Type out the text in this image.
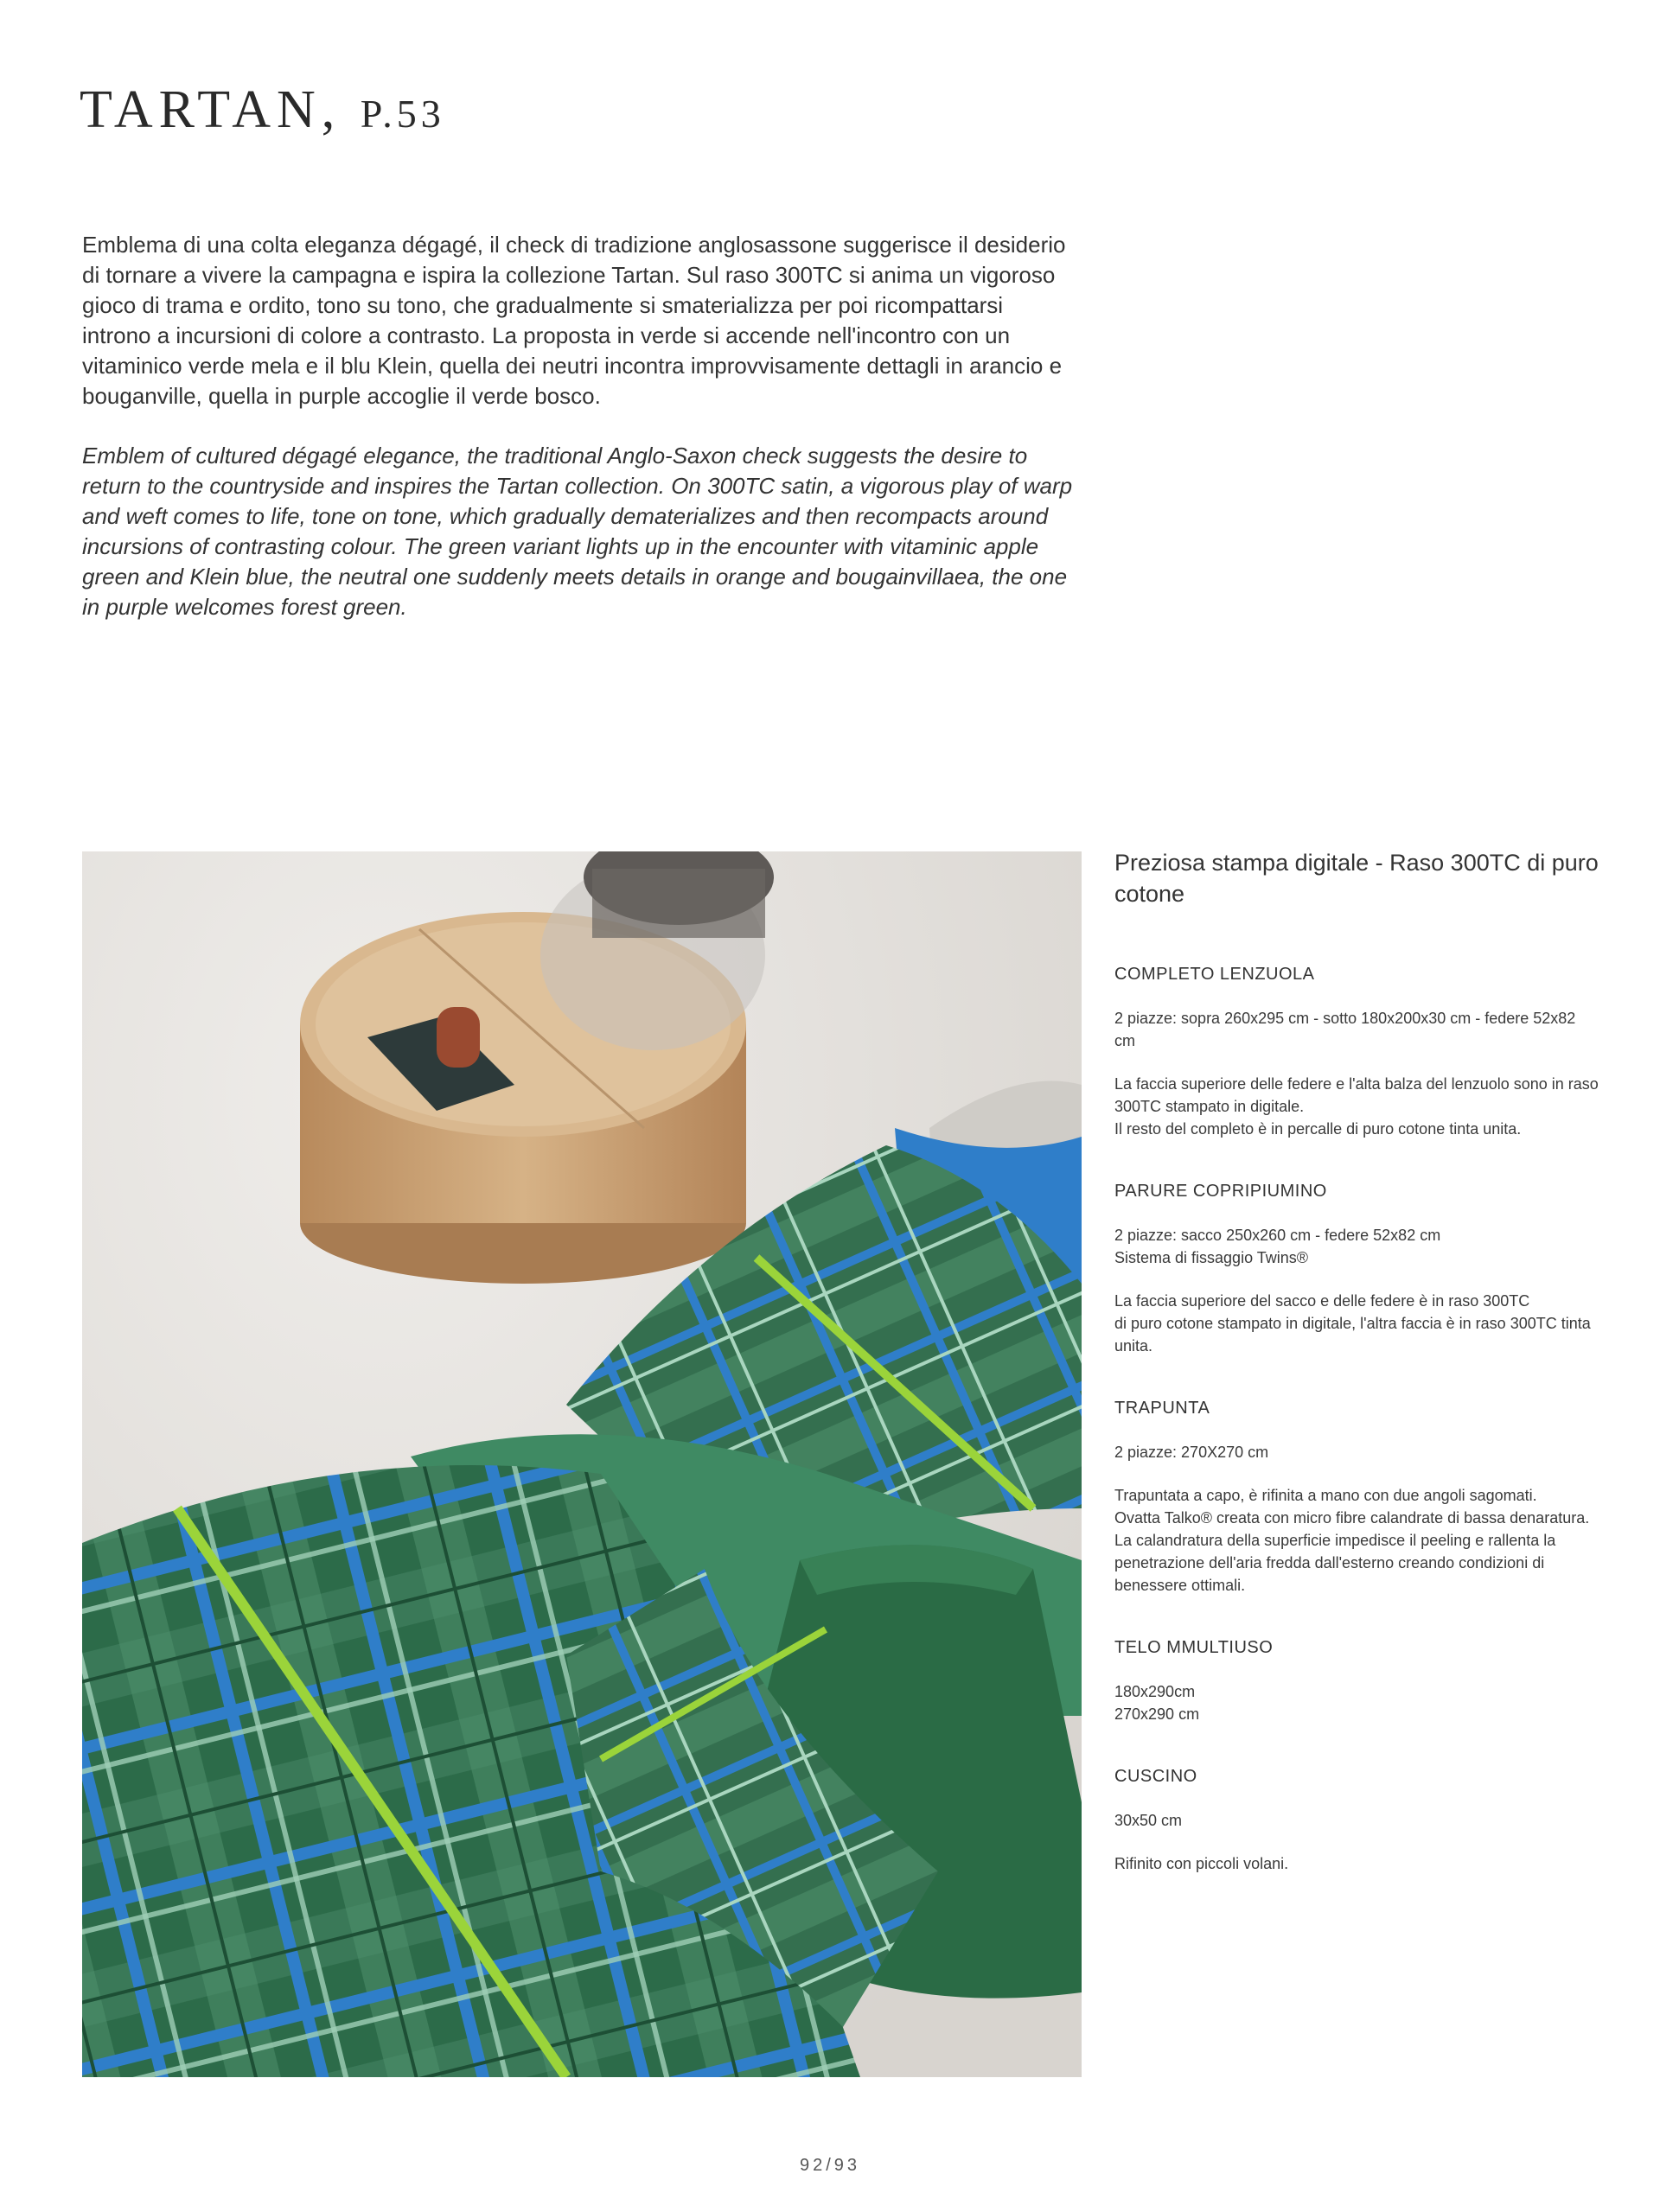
TARTAN, P.53

Emblema di una colta eleganza dégagé, il check di tradizione anglosassone suggerisce il desiderio di tornare a vivere la campagna e ispira la collezione Tartan. Sul raso 300TC si anima un vigoroso gioco di trama e ordito, tono su tono, che gradualmente si smaterializza per poi ricompattarsi introno a incursioni di colore a contrasto. La proposta in verde si accende nell'incontro con un vitaminico verde mela e il blu Klein, quella dei neutri incontra improvvisamente dettagli in arancio e bouganville, quella in purple accoglie il verde bosco.

Emblem of cultured dégagé elegance, the traditional Anglo-Saxon check suggests the desire to return to the countryside and inspires the Tartan collection. On 300TC satin, a vigorous play of warp and weft comes to life, tone on tone, which gradually dematerializes and then recompacts around incursions of contrasting colour. The green variant lights up in the encounter with vitaminic apple green and Klein blue, the neutral one suddenly meets details in orange and bougainvillaea, the one in purple welcomes forest green.

Preziosa stampa digitale - Raso 300TC di puro cotone
COMPLETO LENZUOLA

2 piazze: sopra 260x295 cm - sotto 180x200x30 cm - federe 52x82 cm

La faccia superiore delle federe e l'alta balza del lenzuolo sono in raso 300TC stampato in digitale.
Il resto del completo è in percalle di puro cotone tinta unita.

PARURE COPRIPIUMINO

2 piazze: sacco 250x260 cm - federe 52x82 cm
Sistema di fissaggio Twins®

La faccia superiore del sacco e delle federe è in raso 300TC
di puro cotone stampato in digitale, l'altra faccia è in raso 300TC tinta unita.

TRAPUNTA

2 piazze: 270X270 cm

Trapuntata a capo, è rifinita a mano con due angoli sagomati.
Ovatta Talko® creata con micro fibre calandrate di bassa denaratura. La calandratura della superficie impedisce il peeling e rallenta la penetrazione dell'aria fredda dall'esterno creando condizioni di benessere ottimali.

TELO MMULTIUSO

180x290cm
270x290 cm

CUSCINO

30x50 cm

Rifinito con piccoli volani.

92/93
